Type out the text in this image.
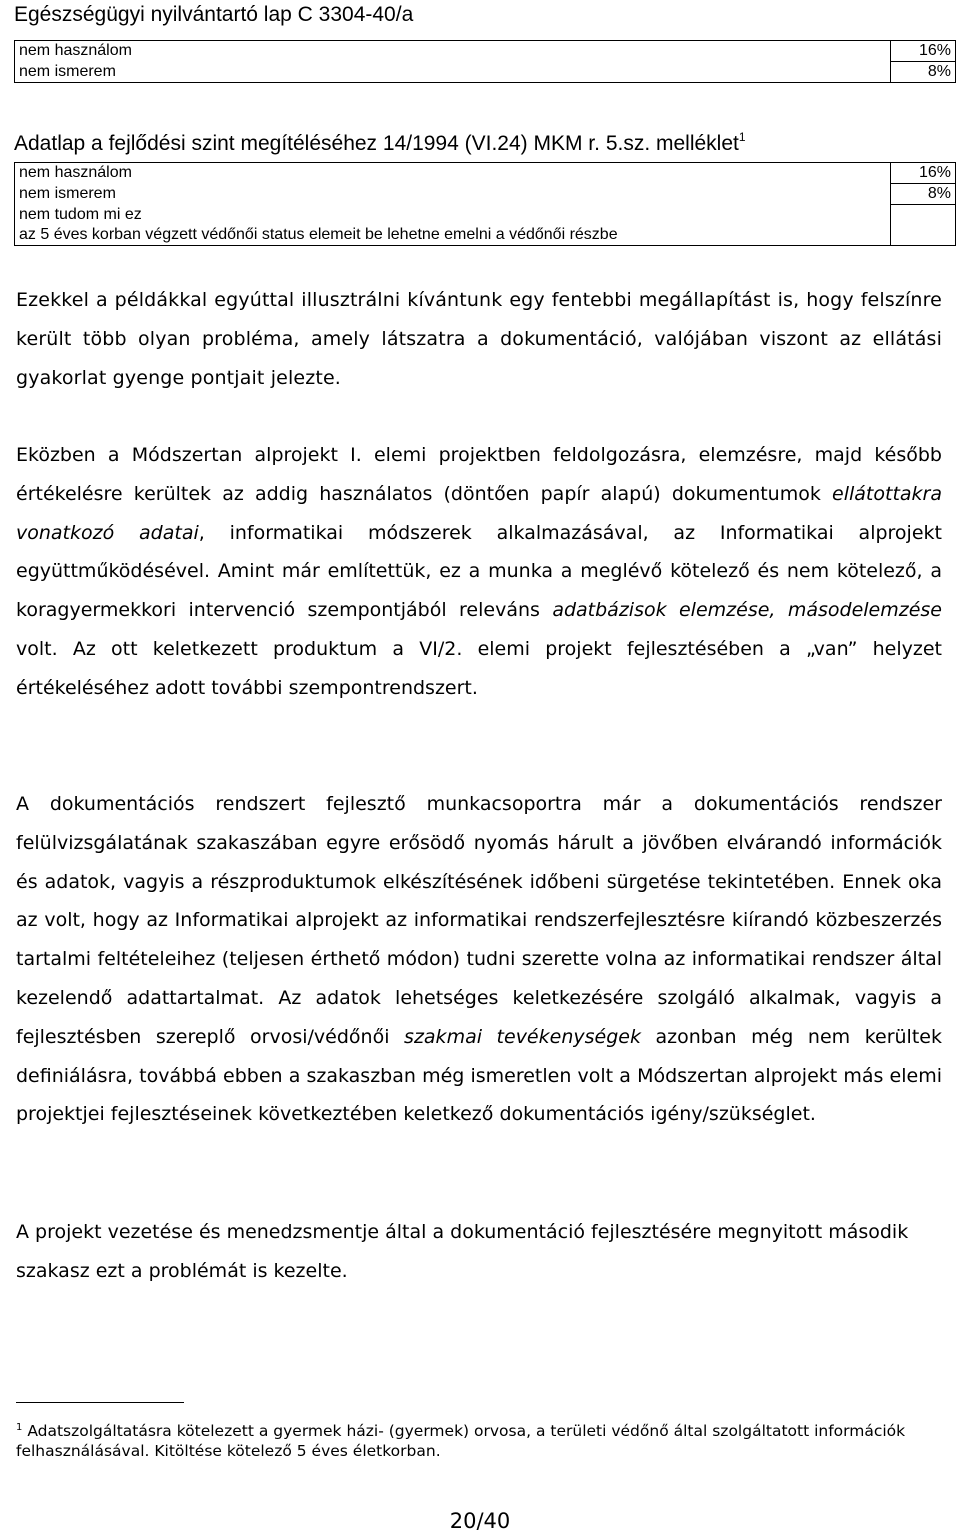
Egészségügyi nyilvántartó lap C 3304-40/a
nem használom	16%
nem ismerem	8%
Adatlap a fejlődési szint megítéléséhez 14/1994 (VI.24) MKM r. 5.sz. melléklet$^1$
nem használom	16%
nem ismerem	8%
nem tudom mi ez	
az 5 éves korban végzett védőnői status elemeit be lehetne emelni a védőnői részbe	

Ezekkel a példákkal egyúttal illusztrálni kívántunk egy fentebbi megállapítást is, hogy felszínre került több olyan probléma, amely látszatra a dokumentáció, valójában viszont az ellátási gyakorlat gyenge pontjait jelezte.

Eközben a Módszertan alprojekt I. elemi projektben feldolgozásra, elemzésre, majd később értékelésre kerültek az addig használatos (döntően papír alapú) dokumentumok ellátottakra vonatkozó adatai, informatikai módszerek alkalmazásával, az Informatikai alprojekt együttműködésével. Amint már említettük, ez a munka a meglévő kötelező és nem kötelező, a koragyermekkori intervenció szempontjából releváns adatbázisok elemzése, másodelemzése volt. Az ott keletkezett produktum a VI/2. elemi projekt fejlesztésében a „van” helyzet értékeléséhez adott további szempontrendszert.

A dokumentációs rendszert fejlesztő munkacsoportra már a dokumentációs rendszer felülvizsgálatának szakaszában egyre erősödő nyomás hárult a jövőben elvárandó információk és adatok, vagyis a részproduktumok elkészítésének időbeni sürgetése tekintetében. Ennek oka az volt, hogy az Informatikai alprojekt az informatikai rendszerfejlesztésre kiírandó közbeszerzés tartalmi feltételeihez (teljesen érthető módon) tudni szerette volna az informatikai rendszer által kezelendő adattartalmat. Az adatok lehetséges keletkezésére szolgáló alkalmak, vagyis a fejlesztésben szereplő orvosi/védőnői szakmai tevékenységek azonban még nem kerültek definiálásra, továbbá ebben a szakaszban még ismeretlen volt a Módszertan alprojekt más elemi projektjei fejlesztéseinek következtében keletkező dokumentációs igény/szükséglet.

A projekt vezetése és menedzsmentje által a dokumentáció fejlesztésére megnyitott második szakasz ezt a problémát is kezelte.

$^1$ Adatszolgáltatásra kötelezett a gyermek házi- (gyermek) orvosa, a területi védőnő által szolgáltatott információk felhasználásával. Kitöltése kötelező 5 éves életkorban.
20/40
